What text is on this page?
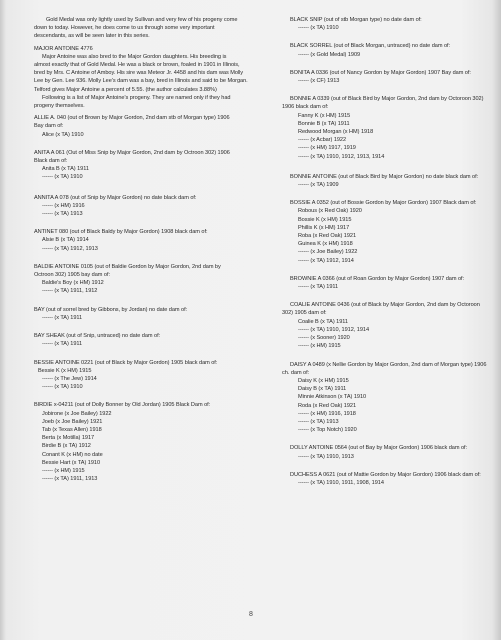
Gold Medal was only lightly used by Sullivan and very few of his progeny come
down to today. However, he does come to us through some very important
descendants, as will be seen later in this series.
MAJOR ANTOINE 4776
Major Antoine was also bred to the Major Gordon daughters. His breeding is
almost exactly that of Gold Medal. He was a black or brown, foaled in 1901 in Illinois,
bred by Mrs. C Antoine of Amboy. His sire was Meteor Jr. 4458 and his dam was Molly
Lee by Gen. Lee 936. Molly Lee's dam was a bay, bred in Illinois and said to be Morgan.
Telford gives Major Antoine a percent of 5.55. (the author calculates 3.88%)
Following is a list of Major Antoine's progeny. They are named only if they had
progeny themselves.
ALLIE A. 040 (out of Brown by Major Gordon, 2nd dam stb of Morgan type) 1906
Bay dam of:
Alice (x TA) 1910
ANITA A 061 (Out of Miss Snip by Major Gordon, 2nd dam by Octroon 302) 1906
Black dam of:
Anita B (x TA) 1911
------ (x TA) 1910
ANNITA A 078 (out of Snip by Major Gordon) no date black dam of:
------ (x HM) 1916
------ (x TA) 1913
ANTINET 080 (out of Black Baldy by Major Gordon) 1908 black dam of:
Alsie B (x TA) 1914
------ (x TA) 1912, 1913
BALDIE ANTOINE 0105 (out of Baldie Gordon by Major Gordon, 2nd dam by
Octroon 302) 1905 bay dam of:
Baldie's Boy (x HM) 1912
------ (x TA) 1911, 1912
BAY (out of sorrel bred by Gibbons, by Jordan) no date dam of:
------ (x TA) 1911
BAY SHEAK (out of Snip, untraced) no date dam of:
------ (x TA) 1911
BESSIE ANTOINE 0221 (out of Black by Major Gordon) 1905 black dam of:
Bessie K (x HM) 1915
------ (x The Jew) 1914
------ (x TA) 1910
BIRDIE x-04211 (out of Dolly Bonner by Old Jordan) 1905 Black Dam of:
Jobirone (x Joe Bailey) 1922
Joeb (x Joe Bailey) 1921
Tab (x Texas Allen) 1918
Berta (x Motilla) 1917
Birdie B (x TA) 1912
Conant K (x HM) no date
Bessie Hart (x TA) 1910
------ (x HM) 1915
------ (x TA) 1911, 1913
BLACK SNIP (out of stb Morgan type) no date dam of:
------ (x TA) 1910
BLACK SORREL (out of Black Morgan, untraced) no date dam of:
------ (x Gold Medal) 1909
BONITA A 0336 (out of Nancy Gordon by Major Gordon) 1907 Bay dam of:
------ (x CF) 1913
BONNIE A 0339 (out of Black Bird by Major Gordon, 2nd dam by Octoroon 302)
1906 black dam of:
Fanny K (x HM) 1915
Bonnie B (x TA) 1911
Redwood Morgan (x HM) 1918
------ (x Acbar) 1922
------ (x HM) 1917, 1919
------ (x TA) 1910, 1912, 1913, 1914
BONNIE ANTOINE (out of Black Bird by Major Gordon) no date black dam of:
------ (x TA) 1909
BOSSIE A 0352 (out of Bossie Gordon by Major Gordon) 1907 Black dam of:
Robous (x Red Oak) 1920
Bossie K (x HM) 1915
Phillis K (x HM) 1917
Roba (x Red Oak) 1921
Guinea K (x HM) 1918
------ (x Joe Bailey) 1922
------ (x TA) 1912, 1914
BROWNIE A 0366 (out of Roan Gordon by Major Gordon) 1907 dam of:
------ (x TA) 1911
COALIE ANTOINE 0436 (out of Black by Major Gordon, 2nd dam by Octoroon
302) 1905 dam of:
Coalie B (x TA) 1911
------ (x TA) 1910, 1912, 1914
------ (x Sooner) 1920
------ (x HM) 1915
DAISY A 0489 (x Nellie Gordon by Major Gordon, 2nd dam of Morgan type) 1906
ch. dam of:
Daisy K (x HM) 1915
Daisy B (x TA) 1911
Minnie Atkinson (x TA) 1910
Roda (x Red Oak) 1921
------ (x HM) 1916, 1918
------ (x TA) 1913
------ (x Top Notch) 1920
DOLLY ANTOINE 0564 (out of Bay by Major Gordon) 1906 black dam of:
------ (x TA) 1910, 1913
DUCHESS A 0621 (out of Mattie Gordon by Major Gordon) 1906 black dam of:
------ (x TA) 1910, 1911, 1908, 1914
8
